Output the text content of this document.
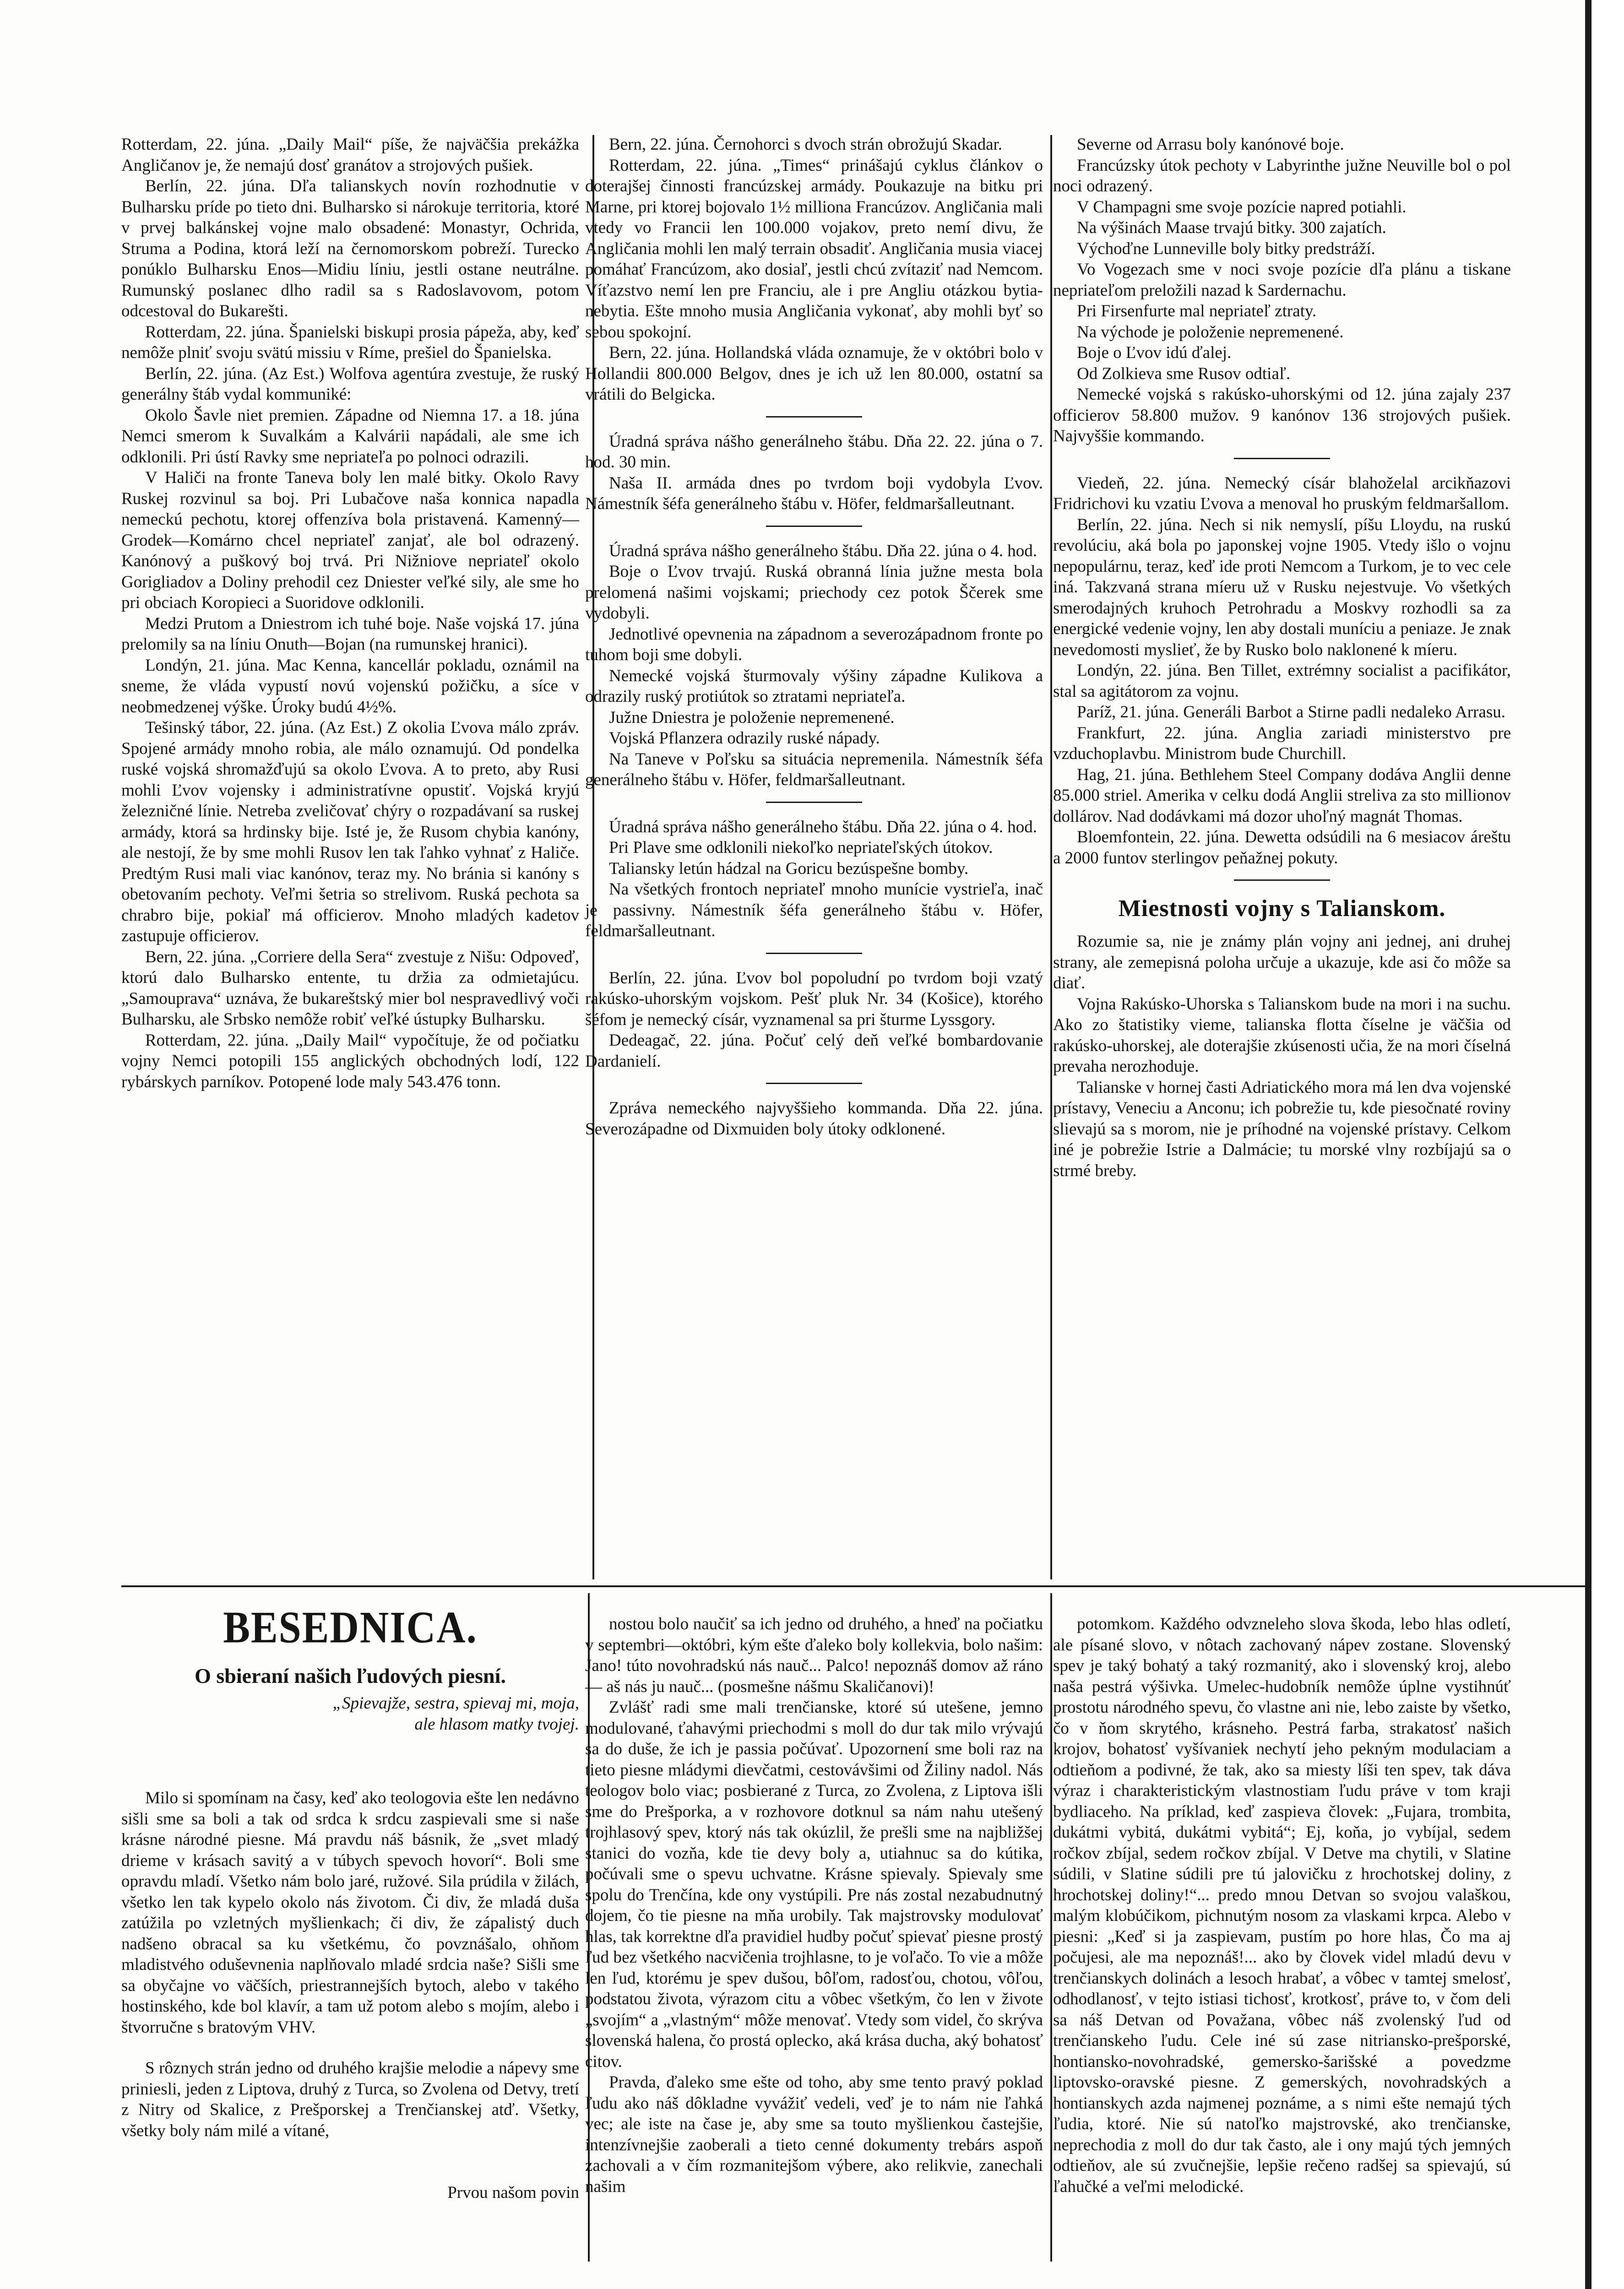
Rotterdam, 22. júna. „Daily Mail“ píše, že najväčšia prekážka Angličanov je, že nemajú dosť granátov a strojových pušiek.

Berlín, 22. júna. Dľa talianskych novín rozhodnutie v Bulharsku príde po tieto dni. Bulharsko si nárokuje territoria, ktoré v prvej balkánskej vojne malo obsadené: Monastyr, Ochrida, Struma a Podina, ktorá leží na černomorskom pobreží. Turecko ponúklo Bulharsku Enos—Midiu líniu, jestli ostane neutrálne. Rumunský poslanec dlho radil sa s Radoslavovom, potom odcestoval do Bukarešti.

Rotterdam, 22. júna. Španielski biskupi prosia pápeža, aby, keď nemôže plniť svoju svätú missiu v Ríme, prešiel do Španielska.

Berlín, 22. júna. (Az Est.) Wolfova agentúra zvestuje, že ruský generálny štáb vydal kommuniké:

Okolo Šavle niet premien. Západne od Niemna 17. a 18. júna Nemci smerom k Suvalkám a Kalvárii napádali, ale sme ich odklonili. Pri ústí Ravky sme nepriateľa po polnoci odrazili.

V Haliči na fronte Taneva boly len malé bitky. Okolo Ravy Ruskej rozvinul sa boj. Pri Lubačove naša konnica napadla nemeckú pechotu, ktorej offenzíva bola pristavená. Kamenný—Grodek—Komárno chcel nepriateľ zanjať, ale bol odrazený. Kanónový a puškový boj trvá. Pri Nižniove nepriateľ okolo Gorigliadov a Doliny prehodil cez Dniester veľké sily, ale sme ho pri obciach Koropieci a Suoridove odklonili.

Medzi Prutom a Dniestrom ich tuhé boje. Naše vojská 17. júna prelomily sa na líniu Onuth—Bojan (na rumunskej hranici).

Londýn, 21. júna. Mac Kenna, kancellár pokladu, oznámil na sneme, že vláda vypustí novú vojenskú požičku, a síce v neobmedzenej výške. Úroky budú 4½%.

Tešinský tábor, 22. júna. (Az Est.) Z okolia Ľvova málo zpráv. Spojené armády mnoho robia, ale málo oznamujú. Od pondelka ruské vojská shromažďujú sa okolo Ľvova. A to preto, aby Rusi mohli Ľvov vojensky i administratívne opustiť. Vojská kryjú železničné línie. Netreba zveličovať chýry o rozpadávaní sa ruskej armády, ktorá sa hrdinsky bije. Isté je, že Rusom chybia kanóny, ale nestojí, že by sme mohli Rusov len tak ľahko vyhnať z Haliče. Predtým Rusi mali viac kanónov, teraz my. No bránia si kanóny s obetovaním pechoty. Veľmi šetria so strelivom. Ruská pechota sa chrabro bije, pokiaľ má officierov. Mnoho mladých kadetov zastupuje officierov.

Bern, 22. júna. „Corriere della Sera“ zvestuje z Nišu: Odpoveď, ktorú dalo Bulharsko entente, tu držia za odmietajúcu. „Samouprava“ uznáva, že bukareštský mier bol nespravedlivý voči Bulharsku, ale Srbsko nemôže robiť veľké ústupky Bulharsku.

Rotterdam, 22. júna. „Daily Mail“ vypočítuje, že od počiatku vojny Nemci potopili 155 anglických obchodných lodí, 122 rybárskych parníkov. Potopené lode maly 543.476 tonn.

Bern, 22. júna. Černohorci s dvoch strán obrožujú Skadar.

Rotterdam, 22. júna. „Times“ prinášajú cyklus článkov o doterajšej činnosti francúzskej armády. Poukazuje na bitku pri Marne, pri ktorej bojovalo 1½ milliona Francúzov. Angličania mali vtedy vo Francii len 100.000 vojakov, preto nemí divu, že Angličania mohli len malý terrain obsadiť. Angličania musia viacej pomáhať Francúzom, ako dosiaľ, jestli chcú zvítaziť nad Nemcom. Víťazstvo nemí len pre Franciu, ale i pre Angliu otázkou bytia-nebytia. Ešte mnoho musia Angličania vykonať, aby mohli byť so sebou spokojní.

Bern, 22. júna. Hollandská vláda oznamuje, že v októbri bolo v Hollandii 800.000 Belgov, dnes je ich už len 80.000, ostatní sa vrátili do Belgicka.

Úradná správa nášho generálneho štábu. Dňa 22. 22. júna o 7. hod. 30 min.

Naša II. armáda dnes po tvrdom boji vydobyla Ľvov. Námestník šéfa generálneho štábu v. Höfer, feldmaršalleutnant.

Úradná správa nášho generálneho štábu. Dňa 22. júna o 4. hod.

Boje o Ľvov trvajú. Ruská obranná línia južne mesta bola prelomená našimi vojskami; priechody cez potok Ščerek sme vydobyli.

Jednotlivé opevnenia na západnom a severozápadnom fronte po tuhom boji sme dobyli.

Nemecké vojská šturmovaly výšiny západne Kulikova a odrazily ruský protiútok so ztratami nepriateľa.

Južne Dniestra je položenie nepremenené.

Vojská Pflanzera odrazily ruské nápady.

Na Taneve v Poľsku sa situácia nepremenila. Námestník šéfa generálneho štábu v. Höfer, feldmaršalleutnant.

Úradná správa nášho generálneho štábu. Dňa 22. júna o 4. hod.

Pri Plave sme odklonili niekoľko nepriateľských útokov.

Taliansky letún hádzal na Goricu bezúspešne bomby.

Na všetkých frontoch nepriateľ mnoho munície vystrieľa, inač je passivny. Námestník šéfa generálneho štábu v. Höfer, feldmaršalleutnant.

Berlín, 22. júna. Ľvov bol popoludní po tvrdom boji vzatý rakúsko-uhorským vojskom. Pešť pluk Nr. 34 (Košice), ktorého šéfom je nemecký císár, vyznamenal sa pri šturme Lyssgory.

Dedeagač, 22. júna. Počuť celý deň veľké bombardovanie Dardanielí.

Zpráva nemeckého najvyššieho kommanda. Dňa 22. júna. Severozápadne od Dixmuiden boly útoky odklonené.

Severne od Arrasu boly kanónové boje.

Francúzsky útok pechoty v Labyrinthe južne Neuville bol o pol noci odrazený.

V Champagni sme svoje pozície napred potiahli.

Na výšinách Maase trvajú bitky. 300 zajatích.

Výchoďne Lunneville boly bitky predstráží.

Vo Vogezach sme v noci svoje pozície dľa plánu a tiskane nepriateľom preložili nazad k Sardernachu.

Pri Firsenfurte mal nepriateľ ztraty.

Na východe je položenie nepremenené.

Boje o Ľvov idú ďalej.

Od Zolkieva sme Rusov odtiaľ.

Nemecké vojská s rakúsko-uhorskými od 12. júna zajaly 237 officierov 58.800 mužov. 9 kanónov 136 strojových pušiek. Najvyššie kommando.

Viedeň, 22. júna. Nemecký císár blahoželal arcikňazovi Fridrichovi ku vzatiu Ľvova a menoval ho pruským feldmaršallom.

Berlín, 22. júna. Nech si nik nemyslí, píšu Lloydu, na ruskú revolúciu, aká bola po japonskej vojne 1905. Vtedy išlo o vojnu nepopulárnu, teraz, keď ide proti Nemcom a Turkom, je to vec cele iná. Takzvaná strana míeru už v Rusku nejestvuje. Vo všetkých smerodajných kruhoch Petrohradu a Moskvy rozhodli sa za energické vedenie vojny, len aby dostali muníciu a peniaze. Je znak nevedomosti myslieť, že by Rusko bolo naklonené k míeru.

Londýn, 22. júna. Ben Tillet, extrémny socialist a pacifikátor, stal sa agitátorom za vojnu.

Paríž, 21. júna. Generáli Barbot a Stirne padli nedaleko Arrasu.

Frankfurt, 22. júna. Anglia zariadi ministerstvo pre vzduchoplavbu. Ministrom bude Churchill.

Hag, 21. júna. Bethlehem Steel Company dodáva Anglii denne 85.000 striel. Amerika v celku dodá Anglii streliva za sto millionov dollárov. Nad dodávkami má dozor uhoľný magnát Thomas.

Bloemfontein, 22. júna. Dewetta odsúdili na 6 mesiacov áreštu a 2000 funtov sterlingov peňažnej pokuty.

Miestnosti vojny s Talianskom.

Rozumie sa, nie je známy plán vojny ani jednej, ani druhej strany, ale zemepisná poloha určuje a ukazuje, kde asi čo môže sa diať.

Vojna Rakúsko-Uhorska s Talianskom bude na mori i na suchu. Ako zo štatistiky vieme, talianska flotta číselne je väčšia od rakúsko-uhorskej, ale doterajšie zkúsenosti učia, že na mori číselná prevaha nerozhoduje.

Talianske v hornej časti Adriatického mora má len dva vojenské prístavy, Veneciu a Anconu; ich pobrežie tu, kde piesočnaté roviny slievajú sa s morom, nie je príhodné na vojenské prístavy. Celkom iné je pobrežie Istrie a Dalmácie; tu morské vlny rozbíjajú sa o strmé breby.

BESEDNICA.
O sbieraní našich ľudových piesní.
„Spievajže, sestra, spievaj mi, moja,
ale hlasom matky tvojej.

Milo si spomínam na časy, keď ako teologovia ešte len nedávno sišli sme sa boli a tak od srdca k srdcu zaspievali sme si naše krásne národné piesne. Má pravdu náš básnik, že „svet mladý drieme v krásach savitý a v túbych spevoch hovorí“. Boli sme opravdu mladí. Všetko nám bolo jaré, ružové. Sila prúdila v žilách, všetko len tak kypelo okolo nás životom. Či div, že mladá duša zatúžila po vzletných myšlienkach; či div, že zápalistý duch nadšeno obracal sa ku všetkému, čo povznášalo, ohňom mladistvého oduševnenia naplňovalo mladé srdcia naše? Sišli sme sa obyčajne vo väčších, priestrannejších bytoch, alebo v takého hostinského, kde bol klavír, a tam už potom alebo s mojím, alebo i štvorručne s bratovým VHV.

S rôznych strán jedno od druhého krajšie melodie a nápevy sme priniesli, jeden z Liptova, druhý z Turca, so Zvolena od Detvy, tretí z Nitry od Skalice, z Prešporskej a Trenčianskej atď. Všetky, všetky boly nám milé a vítané,

Prvou našom povin

nostou bolo naučiť sa ich jedno od druhého, a hneď na počiatku v septembri—októbri, kým ešte ďaleko boly kollekvia, bolo našim: Jano! túto novohradskú nás nauč... Palco! nepoznáš domov až ráno — aš nás ju nauč... (posmešne nášmu Skaličanovi)!

Zvlášť radi sme mali trenčianske, ktoré sú utešene, jemno modulované, ťahavými priechodmi s moll do dur tak milo vrývajú sa do duše, že ich je passia počúvať. Upozornení sme boli raz na tieto piesne mládymi dievčatmi, cestovávšimi od Žiliny nadol. Nás teologov bolo viac; posbierané z Turca, zo Zvolena, z Liptova išli sme do Prešporka, a v rozhovore dotknul sa nám nahu utešený trojhlasový spev, ktorý nás tak okúzlil, že prešli sme na najbližšej stanici do vozňa, kde tie devy boly a, utiahnuc sa do kútika, počúvali sme o spevu uchvatne. Krásne spievaly. Spievaly sme spolu do Trenčína, kde ony vystúpili. Pre nás zostal nezabudnutný dojem, čo tie piesne na mňa urobily. Tak majstrovsky modulovať hlas, tak korrektne dľa pravidiel hudby počuť spievať piesne prostý ľud bez všetkého nacvičenia trojhlasne, to je voľačo. To vie a môže len ľud, ktorému je spev dušou, bôľom, radosťou, chotou, vôľou, podstatou života, výrazom citu a vôbec všetkým, čo len v živote „svojím“ a „vlastným“ môže menovať. Vtedy som videl, čo skrýva slovenská halena, čo prostá opleckо, aká krása ducha, aký bohatosť citov.

Pravda, ďaleko sme ešte od toho, aby sme tento pravý poklad ľudu ako náš dôkladne vyvážiť vedeli, veď je to nám nie ľahká vec; ale iste na čase je, aby sme sa touto myšlienkou častejšie, intenzívnejšie zaoberali a tieto cenné dokumenty trebárs aspoň zachovali a v čím rozmanitejšom výbere, ako relikvie, zanechali našim

potomkom. Každého odvzneleho slova škoda, lebo hlas odletí, ale písané slovo, v nôtach zachovaný nápev zostane. Slovenský spev je taký bohatý a taký rozmanitý, ako i slovenský kroj, alebo naša pestrá výšivka. Umelec-hudobník nemôže úplne vystihnúť prostotu národného spevu, čo vlastne ani nie, lebo zaiste by všetko, čo v ňom skrytého, krásneho. Pestrá farba, strakatosť našich krojov, bohatosť vyšívaniek nechytí jeho pekným modulaciam a odtieňom a podivné, že tak, ako sa miesty líši ten spev, tak dáva výraz i charakteristickým vlastnostiam ľudu práve v tom kraji bydliaceho. Na príklad, keď zaspieva človek: „Fujara, trombita, dukátmi vybitá, dukátmi vybitá“; Ej, koňa, jo vybíjal, sedem ročkov zbíjal, sedem ročkov zbíjal. V Detve ma chytili, v Slatine súdili, v Slatine súdili pre tú jalovičku z hrochotskej doliny, z hrochotskej doliny!“... predo mnou Detvan so svojou valaškou, malým klobúčikom, pichnutým nosom za vlaskami krpca. Alebo v piesni: „Keď si ja zaspievam, pustím po hore hlas, Čo ma aj počujesi, ale ma nepoznáš!... ako by človek videl mladú devu v trenčianskych dolinách a lesoch hrabať, a vôbec v tamtej smelosť, odhodlanosť, v tejto istiasi tichosť, krotkosť, práve to, v čom deli sa náš Detvan od Považana, vôbec náš zvolenský ľud od trenčianskeho ľudu. Cele iné sú zase nitriansko-prešporské, hontiansko-novohradské, gemersko-šarišské a povedzme liptovsko-oravské piesne. Z gemerských, novohradských a hontianskych azda najmenej poznáme, a s nimi ešte nemajú tých ľudia, ktoré. Nie sú natoľko majstrovské, ako trenčianske, neprechodia z moll do dur tak často, ale i ony majú tých jemných odtieňov, ale sú zvučnejšie, lepšie rečeno radšej sa spievajú, sú ľahučké a veľmi melodické.
